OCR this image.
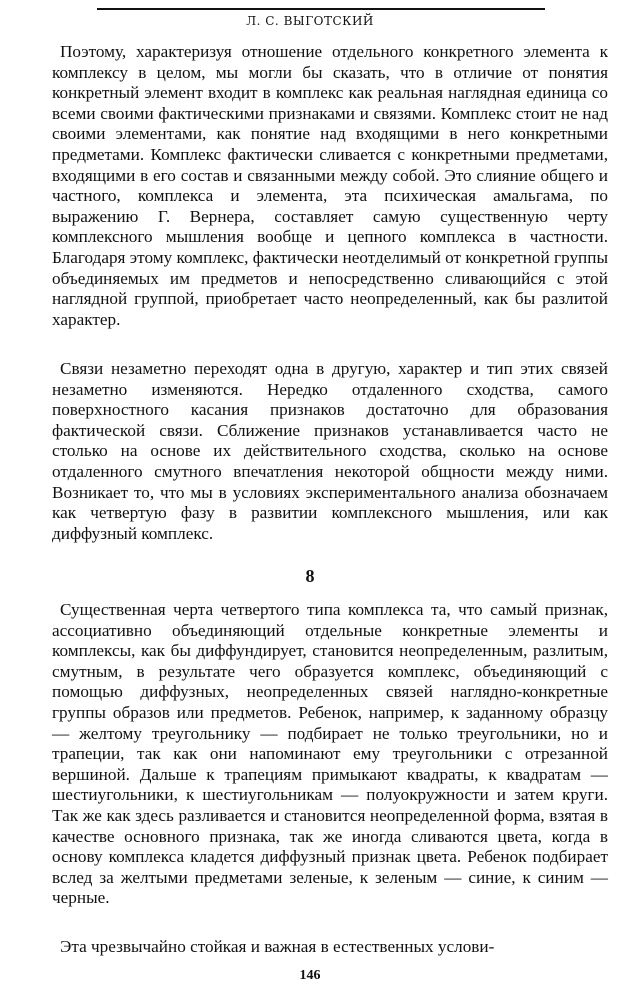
Л. С. ВЫГОТСКИЙ

Поэтому, характеризуя отношение отдельного конкретного элемента к комплексу в целом, мы могли бы сказать, что в отличие от понятия конкретный элемент входит в комплекс как реальная наглядная единица со всеми своими фактическими признаками и связями. Комплекс стоит не над своими элементами, как понятие над входящими в него конкретными предметами. Комплекс фактически сливается с конкретными предметами, входящими в его состав и связанными между собой. Это слияние общего и частного, комплекса и элемента, эта психическая амальгама, по выражению Г. Вернера, составляет самую существенную черту комплексного мышления вообще и цепного комплекса в частности. Благодаря этому комплекс, фактически неотделимый от конкретной группы объединяемых им предметов и непосредственно сливающийся с этой наглядной группой, приобретает часто неопределенный, как бы разлитой характер.

Связи незаметно переходят одна в другую, характер и тип этих связей незаметно изменяются. Нередко отдаленного сходства, самого поверхностного касания признаков достаточно для образования фактической связи. Сближение признаков устанавливается часто не столько на основе их действительного сходства, сколько на основе отдаленного смутного впечатления некоторой общности между ними. Возникает то, что мы в условиях экспериментального анализа обозначаем как четвертую фазу в развитии комплексного мышления, или как диффузный комплекс.

8

Существенная черта четвертого типа комплекса та, что самый признак, ассоциативно объединяющий отдельные конкретные элементы и комплексы, как бы диффундирует, становится неопределенным, разлитым, смутным, в результате чего образуется комплекс, объединяющий с помощью диффузных, неопределенных связей наглядно-конкретные группы образов или предметов. Ребенок, например, к заданному образцу — желтому треугольнику — подбирает не только треугольники, но и трапеции, так как они напоминают ему треугольники с отрезанной вершиной. Дальше к трапециям примыкают квадраты, к квадратам — шестиугольники, к шестиугольникам — полуокружности и затем круги. Так же как здесь разливается и становится неопределенной форма, взятая в качестве основного признака, так же иногда сливаются цвета, когда в основу комплекса кладется диффузный признак цвета. Ребенок подбирает вслед за желтыми предметами зеленые, к зеленым — синие, к синим — черные.

Эта чрезвычайно стойкая и важная в естественных услови-

146
